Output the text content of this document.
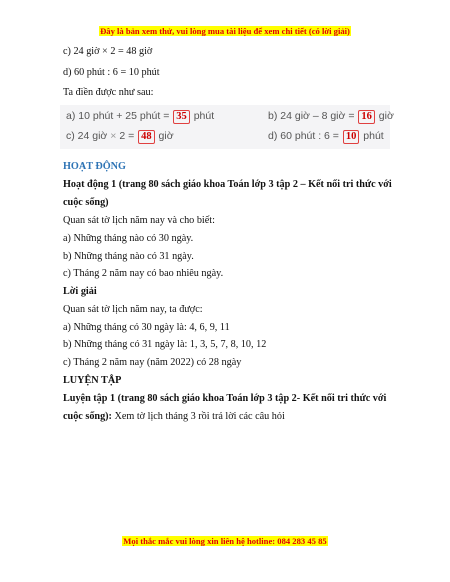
Đây là bản xem thử, vui lòng mua tài liệu để xem chi tiết (có lời giải)
c) 24 giờ × 2 = 48 giờ
d) 60 phút : 6 = 10 phút
Ta điền được như sau:
a) 10 phút + 25 phút = 35 phút	b) 24 giờ – 8 giờ = 16 giờ
c) 24 giờ × 2 = 48 giờ	d) 60 phút : 6 = 10 phút
HOẠT ĐỘNG
Hoạt động 1 (trang 80 sách giáo khoa Toán lớp 3 tập 2 – Kết nối tri thức với
cuộc sống)
Quan sát tờ lịch năm nay và cho biết:
a) Những tháng nào có 30 ngày.
b) Những tháng nào có 31 ngày.
c) Tháng 2 năm nay có bao nhiêu ngày.
Lời giải
Quan sát tờ lịch năm nay, ta được:
a) Những tháng có 30 ngày là: 4, 6, 9, 11
b) Những tháng có 31 ngày là: 1, 3, 5, 7, 8, 10, 12
c) Tháng 2 năm nay (năm 2022) có 28 ngày
LUYỆN TẬP
Luyện tập 1 (trang 80 sách giáo khoa Toán lớp 3 tập 2- Kết nối tri thức với
cuộc sống): Xem tờ lịch tháng 3 rồi trả lời các câu hỏi
Mọi thắc mắc vui lòng xin liên hệ hotline: 084 283 45 85
